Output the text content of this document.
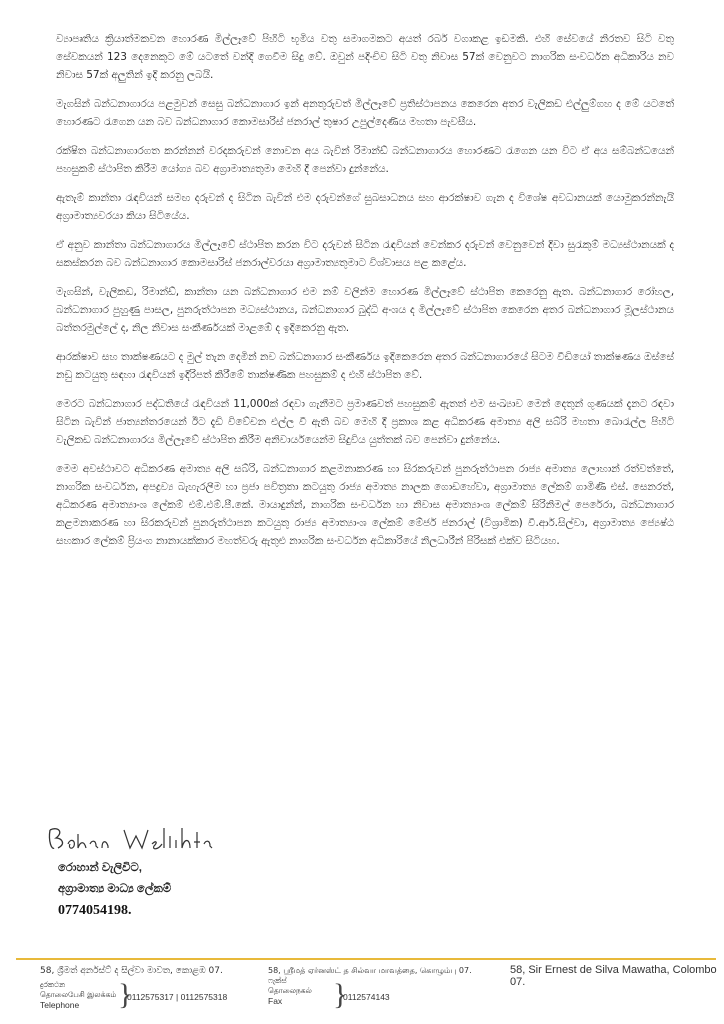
ව්‍යාපෘතිය ක්‍රියාත්මකවන හොරණ මිල්ලෑවේ පිහිටි භූමිය වතු සමාගමකට අයත් රබර් වගාකළ ඉඩමකි. එහි සේවයේ නිරතව සිටි වතු සේවකයන් 123 දෙනෙකුට මේ යටතේ වන්දි ගෙවීම සිදු වේ. ඔවුන් පදිංචිව සිටි වතු නිවාස 57ක් වෙනුවට නාගරික සංවර්ධන අධිකාරිය නව නිවාස 57ක් අලුතින් ඉදි කරනු ලබයි.

මැගසින් බන්ධනාගාරය පළමුවන් සෙසු බන්ධනාගාර ඉන් අනතුරුවත් මිල්ලෑවේ ප්‍රතිස්ථාපනය කෙරෙන අතර වැලිකඩ එල්ලුම්ගහ ද මේ යටතේ හොරණට රැගෙන යන බව බන්ධනාගාර කොමසාරිස් ජනරාල් තුෂාර උපුල්දෙණිය මහතා පැවසීය.

රක්ෂිත බන්ධනාගාරගත කරන්නන් වරදකරුවන් නොවන අය බැවින් රිමාන්ඩ් බන්ධනාගාරය හොරණට රැගෙන යන විට ඒ අය සම්බන්ධයෙන් පහසුකම් ස්ථාපිත කිරීම යෝග්‍ය බව අග්‍රාමාත්‍යතුමා මෙහි දී පෙන්වා දුන්නේය.

ඇතැම් කාන්තා රැඳවියන් සමඟ දරුවන් ද සිටින බැවින් එම දරුවන්ගේ සුබසාධනය සහ ආරක්ෂාව ගැන ද විශේෂ අවධානයක් යොමුකරන්නැයි අග්‍රාමාත්‍යවරයා කියා සිටියේය.

ඒ අනුව කාන්තා බන්ධනාගාරය මිල්ලෑවේ ස්ථාපිත කරන විට දරුවන් සිටින රැඳවියන් වෙන්කර දරුවන් වෙනුවෙන් දිවා සුරැකුම් මධ්‍යස්ථානයක් ද සකස්කරන බව බන්ධනාගාර කොමසාරිස් ජනරාල්වරයා අග්‍රාමාත්‍යතුමාට විශ්වාසය පළ කළේය.

මැගසින්, වැලිකඩ, රිමාන්ඩ්, කාන්තා යන බන්ධනාගාර එම නම් වලින්ම හොරණ මිල්ලෑවේ ස්ථාපිත කෙරෙනු ඇත. බන්ධනාගාර රෝහල, බන්ධනාගාර පුහුණු පාසල, පුනරුත්ථාපන මධ්‍යස්ථානය, බන්ධනාගාර බුද්ධි අංශය ද මිල්ලෑවේ ස්ථාපිත කෙරෙන අතර බන්ධනාගාර මූලස්ථානය බත්තරමුල්ලේ ද, නිල නිවාස සංකීර්ණයක් මාළඹේ ද ඉදිකෙරනු ඇත.

ආරක්ෂාව සහ තාක්ෂණයට ද මුල් තැන දෙමින් නව බන්ධනාගාර සංකීර්ණය ඉදිකෙරෙන අතර බන්ධනාගාරයේ සිටම වීඩියෝ තාක්ෂණය ඔස්සේ නඩු කටයුතු සඳහා රැඳවියන් ඉදිරිපත් කිරීමේ තාක්ෂණික පහසුකම් ද එහි ස්ථාපිත වේ.

මෙරට බන්ධනාගාර පද්ධතියේ රැඳවියන් 11,000ක් රඳවා ගැනීමට ප්‍රමාණවත් පහසුකම් ඇතත් එම සංඛ්‍යාව මෙන් දෙතුන් ගුණයක් දැනට රඳවා සිටින බැවින් ජාත්‍යන්තරයෙන් ඊට දැඩි විවේචන එල්ල වී ඇති බව මෙහි දී ප්‍රකාශ කළ අධිකරණ අමාත්‍ය අලි සබ්රි මහතා බොරැල්ල පිහිටි වැලිකඩ බන්ධනාගාරය මිල්ලෑවේ ස්ථාපිත කිරීම අනිවාර්යයෙන්ම සිදුවිය යුත්තක් බව පෙන්වා දුන්නේය.

මෙම අවස්ථාවට අධිකරණ අමාත්‍ය අලි සබ්රි, බන්ධනාගාර කළමනාකරණ හා සිරකරුවන් පුනරුත්ථාපන රාජ්‍ය අමාත්‍ය ලොහාන් රත්වත්තේ, නාගරික සංවර්ධන, අපද්‍රව්‍ය බැහැරලීම හා ප්‍රජා පවිත්‍රතා කටයුතු රාජ්‍ය අමාත්‍ය නාලක ගොඩහේවා, අග්‍රාමාත්‍ය ලේකම් ගාමිණී එස්. සෙනරත්, අධිකරණ අමාත්‍යාංශ ලේකම් එම්.එම්.පී.කේ. මායාදුන්න්, නාගරික සංවර්ධන හා නිවාස අමාත්‍යාංශ ලේකම් සිරිනිමල් පෙරේරා, බන්ධනාගාර කළමනාකරණ හා සිරකරුවන් පුනරුත්ථාපන කටයුතු රාජ්‍ය අමාත්‍යාංශ ලේකම් මේජර් ජනරාල් (විශ්‍රාමික) වී.ආර්.සිල්වා, අග්‍රාමාත්‍ය ජ්‍යෙෂ්ඨ සහකාර ලේකම් ප්‍රියංග නානායක්කාර මහත්වරු ඇතුළු නාගරික සංවර්ධන අධිකාරියේ නිලධාරීන් පිරිසක් එක්ව සිටියහ.

රොහාන් වැලිවිට,
අග්‍රාමාත්‍ය මාධ්‍ය ලේකම්
0774054198.
58, ශ්‍රීමත් අර්නස්ට් ද සිල්වා මාවත, කොළඹ 07.	58, ஸ்ரீமத் ஏர்னஸ்ட் த சில்வா மாவத்தை, கொழும்பு 07.	58, Sir Ernest de Silva Mawatha, Colombo 07.
දුරකථන
தொலைபேசி இலக்கம்
Telephone	}
0112575317 | 0112575318
ෆැක්ස්
தொலைநகல்
Fax	}
0112574143
